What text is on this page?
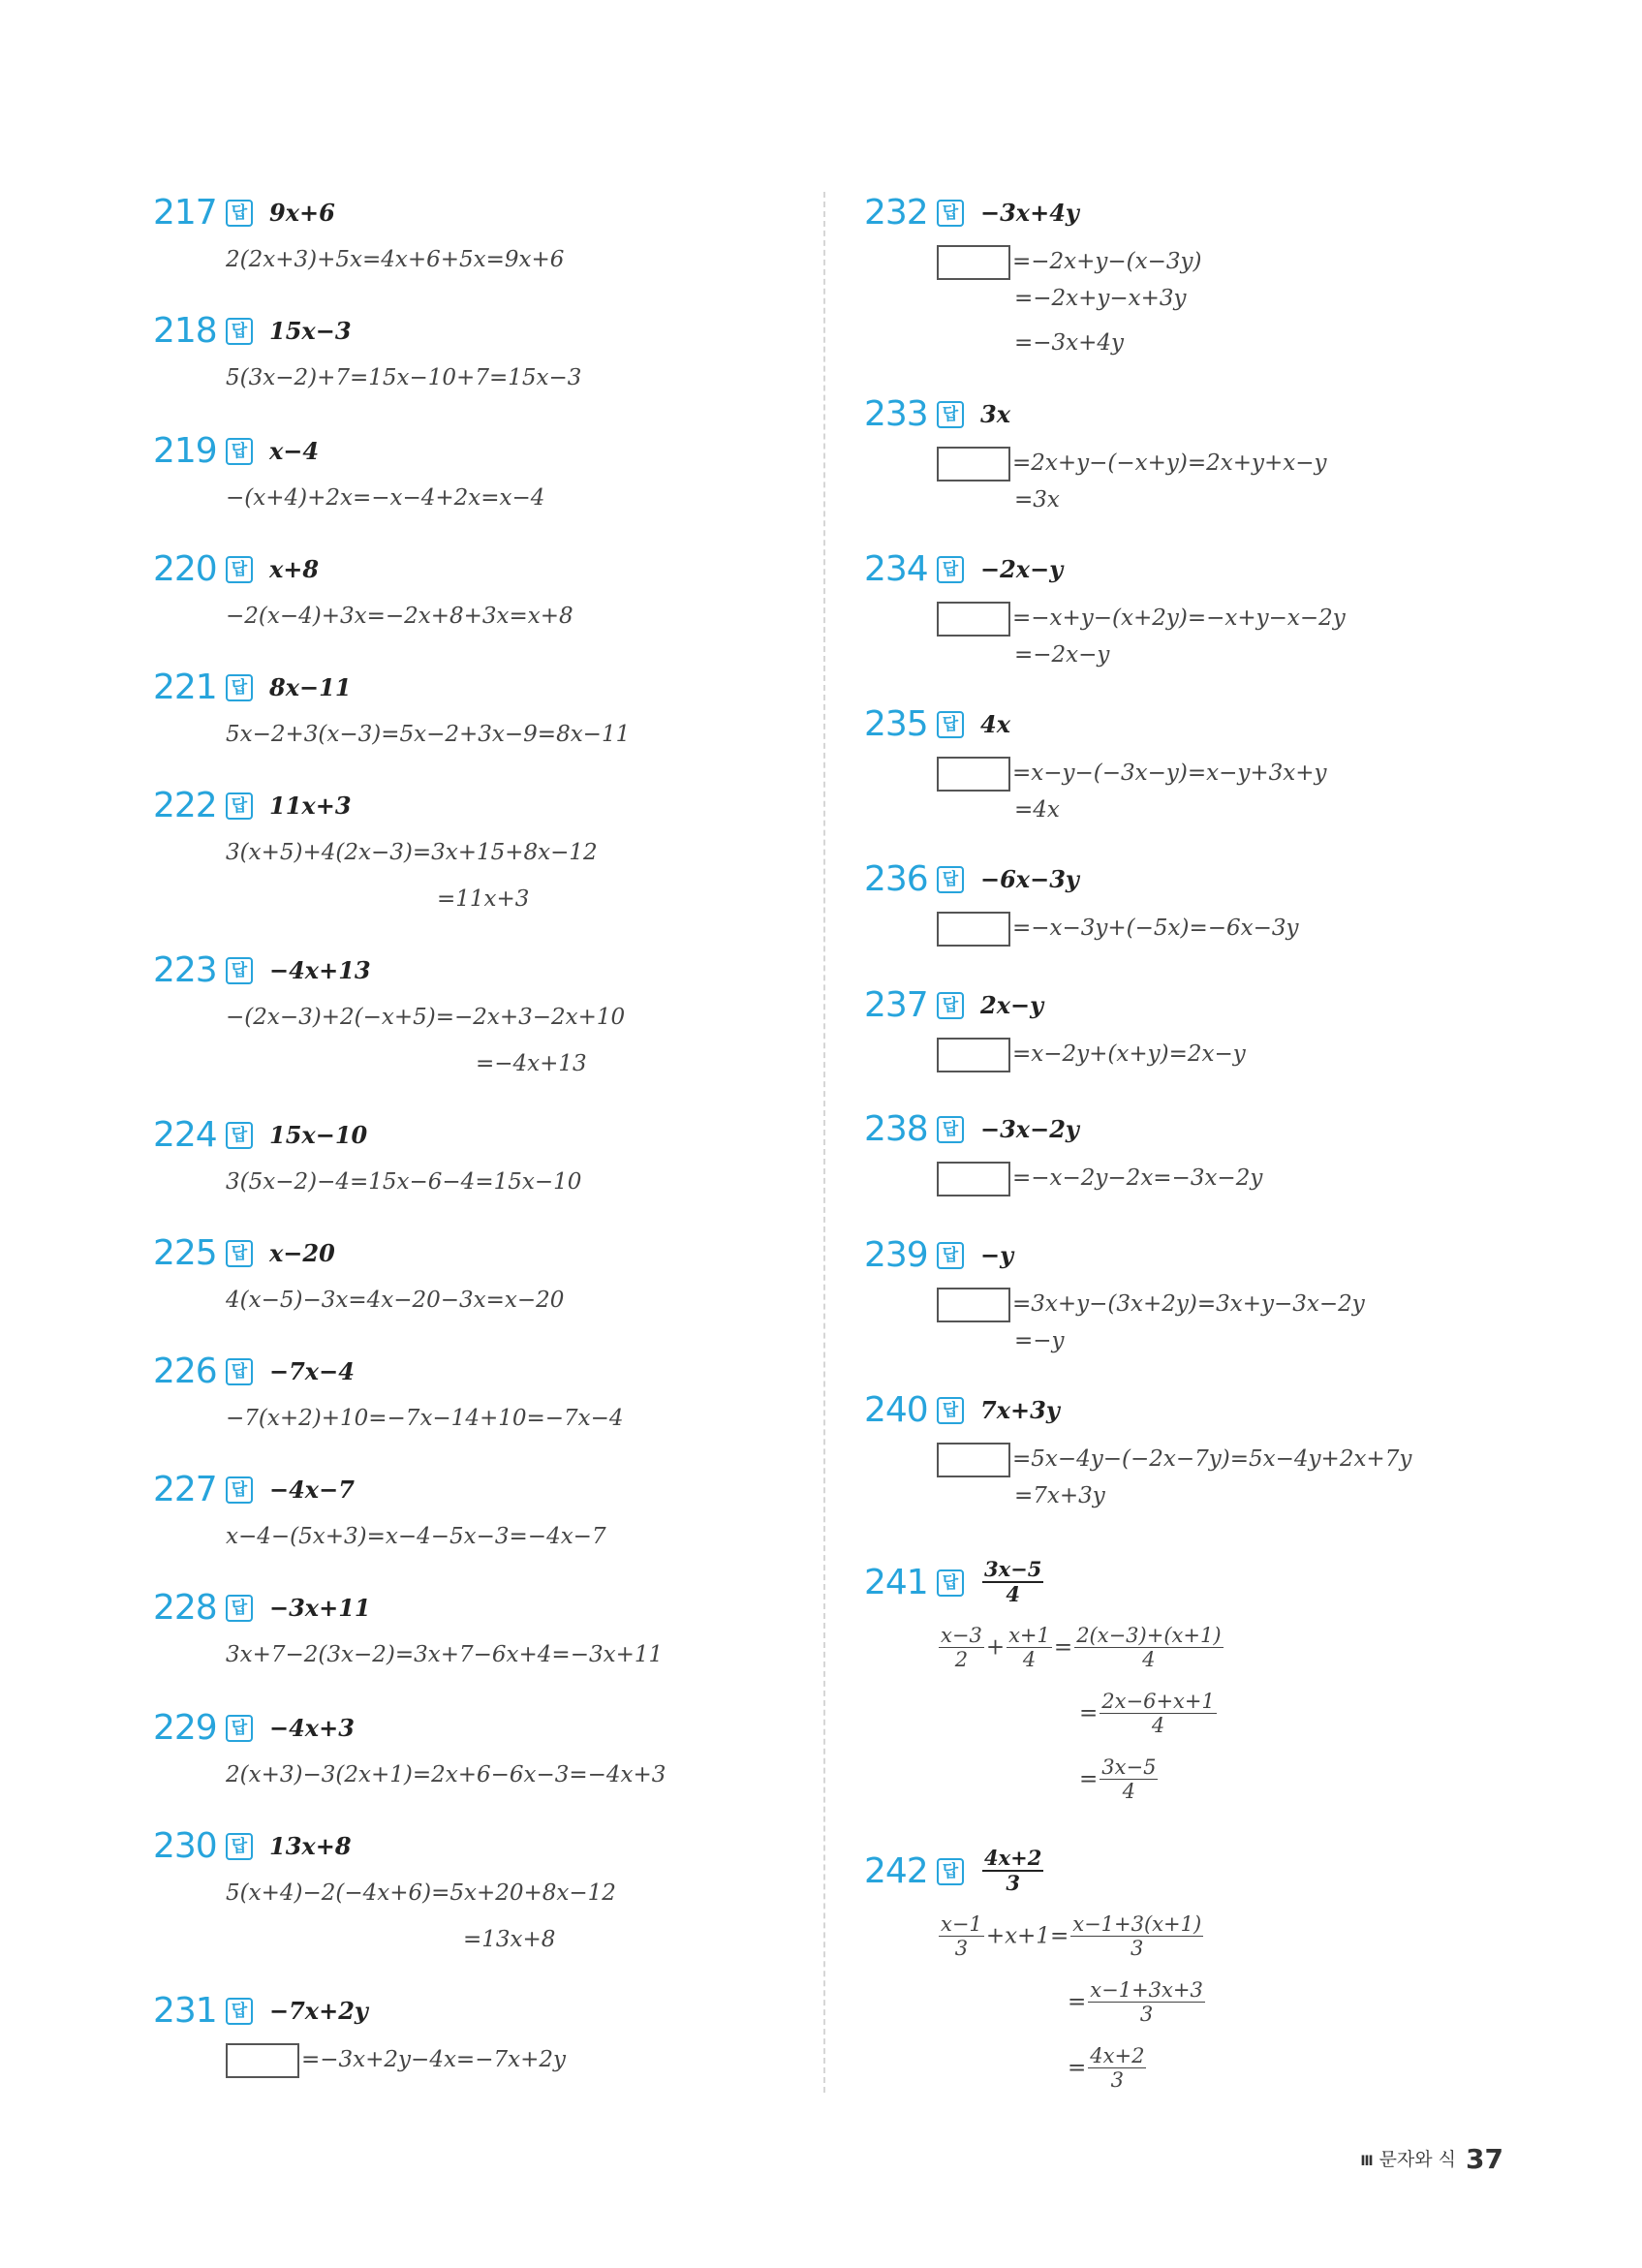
217 답 9x+6
2(2x+3)+5x=4x+6+5x=9x+6
218 답 15x−3
5(3x−2)+7=15x−10+7=15x−3
219 답 x−4
−(x+4)+2x=−x−4+2x=x−4
220 답 x+8
−2(x−4)+3x=−2x+8+3x=x+8
221 답 8x−11
5x−2+3(x−3)=5x−2+3x−9=8x−11
222 답 11x+3
3(x+5)+4(2x−3)=3x+15+8x−12
=11x+3
223 답 −4x+13
−(2x−3)+2(−x+5)=−2x+3−2x+10
=−4x+13
224 답 15x−10
3(5x−2)−4=15x−6−4=15x−10
225 답 x−20
4(x−5)−3x=4x−20−3x=x−20
226 답 −7x−4
−7(x+2)+10=−7x−14+10=−7x−4
227 답 −4x−7
x−4−(5x+3)=x−4−5x−3=−4x−7
228 답 −3x+11
3x+7−2(3x−2)=3x+7−6x+4=−3x+11
229 답 −4x+3
2(x+3)−3(2x+1)=2x+6−6x−3=−4x+3
230 답 13x+8
5(x+4)−2(−4x+6)=5x+20+8x−12
=13x+8
231 답 −7x+2y
=−3x+2y−4x=−7x+2y
232 답 −3x+4y
=−2x+y−(x−3y)
=−2x+y−x+3y
=−3x+4y
233 답 3x
=2x+y−(−x+y)=2x+y+x−y
=3x
234 답 −2x−y
=−x+y−(x+2y)=−x+y−x−2y
=−2x−y
235 답 4x
=x−y−(−3x−y)=x−y+3x+y
=4x
236 답 −6x−3y
=−x−3y+(−5x)=−6x−3y
237 답 2x−y
=x−2y+(x+y)=2x−y
238 답 −3x−2y
=−x−2y−2x=−3x−2y
239 답 −y
=3x+y−(3x+2y)=3x+y−3x−2y
=−y
240 답 7x+3y
=5x−4y−(−2x−7y)=5x−4y+2x+7y
=7x+3y
241 답 $\frac{3x-5}{4}$
$\frac{x-3}{2} + \frac{x+1}{4} = \frac{2(x-3)+(x+1)}{4}$
= $\frac{2x-6+x+1}{4}$
= $\frac{3x-5}{4}$
242 답 $\frac{4x+2}{3}$
$\frac{x-1}{3} +x+1= \frac{x-1+3(x+1)}{3}$
= $\frac{x-1+3x+3}{3}$
= $\frac{4x+2}{3}$
Ⅲ 문자와 식 37
